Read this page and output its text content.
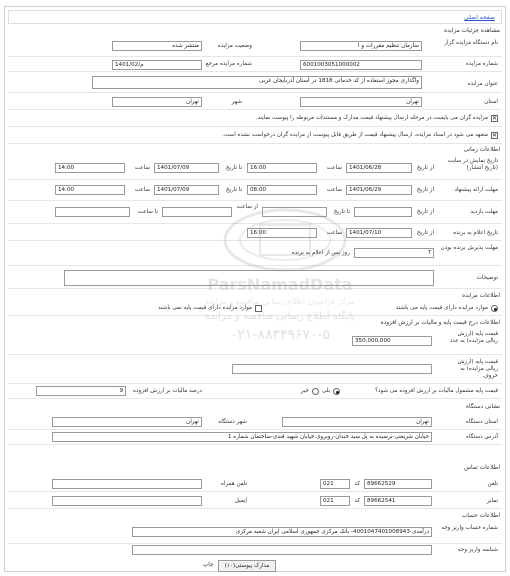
صفحه اصلی
مشاهده جزئیات مزایده
نام دستگاه مزایده گزار
سازمان تنظیم مقررات و ا
وضعیت مزایده
منتشر شده
شماره مزایده
6001003051000002
شماره مزایده مرجع
1401/م/02
عنوان مزایده
واگذاری مجوز استفاده از کد خدماتی 1818 در استان آذربایجان غربی
استان
تهران
شهر
تهران
✕
مزایده گران می بایست در مرحله ارسال پیشنهاد قیمت مدارک و مستندات مربوطه را پیوست نمایند.
✕
متعهد می شود در اسناد مزایده، ارسال پیشنهاد قیمت از طریق قابل پیوست از مزایده گران درخواست نشده است.
اطلاعات زمانی
تاریخ نمایش در سایت (تاریخ انتشار)
از تاریخ
1401/06/28
ساعت
16:00
تا تاریخ
1401/07/09
ساعت
14:00
مهلت ارائه پیشنهاد
از تاریخ
1401/06/29
ساعت
08:00
تا تاریخ
1401/07/09
ساعت
14:00
مهلت بازدید
از تاریخ
تا تاریخ
از ساعت
تا ساعت
تاریخ اعلام به برنده
از تاریخ
1401/07/10
ساعت
16:00
مهلت پذیرش برنده بودن
7
روز پس از اعلام به برنده
توضیحات
اطلاعات مزایده
موارد مزایده دارای قیمت پایه می باشند
موارد مزایده دارای قیمت پایه نمی باشند
اطلاعات درج قیمت پایه و مالیات بر ارزش افزوده
قیمت پایه (ارزش ریالی مزایده) به عدد
350,000,000
قیمت پایه (ارزش ریالی مزایده) به حروف
قیمت پایه مشمول مالیات بر ارزش افزوده می شود؟
بلی
خیر
درصد مالیات بر ارزش افزوده
9
نشانی دستگاه
استان دستگاه
تهران
شهر دستگاه
تهران
آدرس دستگاه
خیابان شریعتی-نرسیده به پل سید خندان-روبروی خیابان شهید قندی-ساختمان شماره 1
اطلاعات تماس
تلفن
89662529
کد
021
تلفن همراه
نمابر
89662541
کد
021
ایمیل
اطلاعات حساب
شماره حساب واریز وجه
درآمدی-4001047401008943- بانک مرکزی جمهوری اسلامی ایران شعبه مرکزی
شناسه واریز وجه
مدارک پیوستی(۱۰)
چاپ
ParsNamadData
مرکز فراخوان اطلاع رسانی مناقصه و مزایده
پایگاه اطلاع رسانی مناقصه و مزایده
۰۲۱-۸۸۳۴۹۶۷۰-۵
